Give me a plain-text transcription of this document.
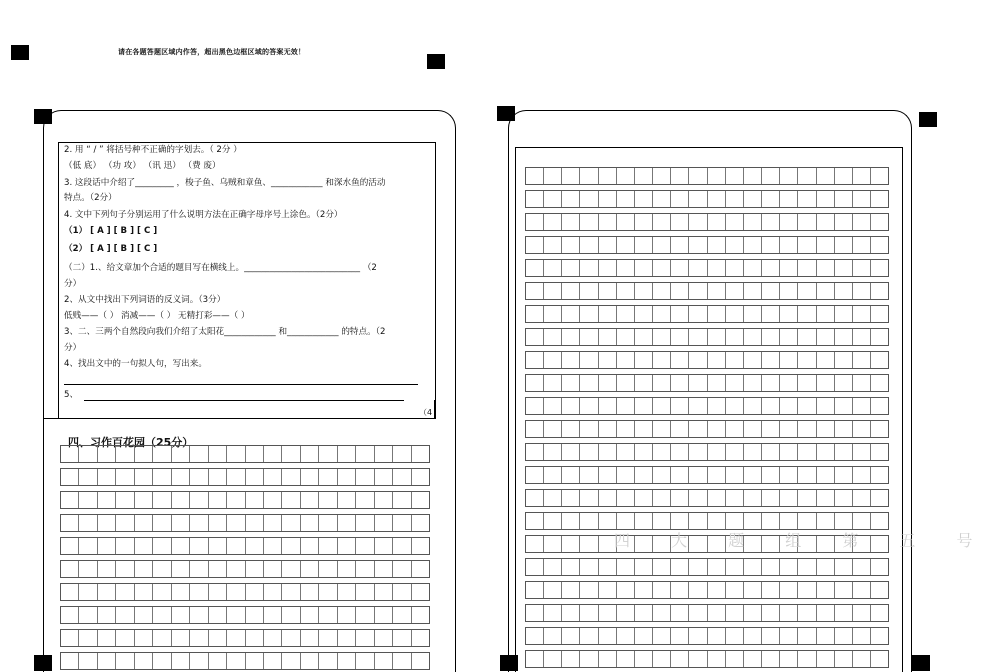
请在各题答题区域内作答，超出黑色边框区域的答案无效！
2. 用 “ / ” 将括号种不正确的字划去。（ 2分 ）
（低 底） （功 攻） （讯 迅） （费 废）
3. 这段话中介绍了_________ ，梭子鱼、乌贼和章鱼、____________ 和深水鱼的活动
特点。（2分）
4. 文中下列句子分别运用了什么说明方法在正确字母序号上涂色。（2分）
（1） [ A ] [ B ] [ C ]
（2） [ A ] [ B ] [ C ]
（二）1.、给文章加个合适的题目写在横线上。___________________________ （2
分）
2、从文中找出下列词语的反义词。（3分）
低贱——（ ） 消减——（ ） 无精打彩——（ ）
3、二、三两个自然段向我们介绍了太阳花____________ 和____________ 的特点。（2
分）
4、找出文中的一句拟人句，写出来。
5、
（4
四、习作百花园（25分）
四 大 题 组 第 五 号
